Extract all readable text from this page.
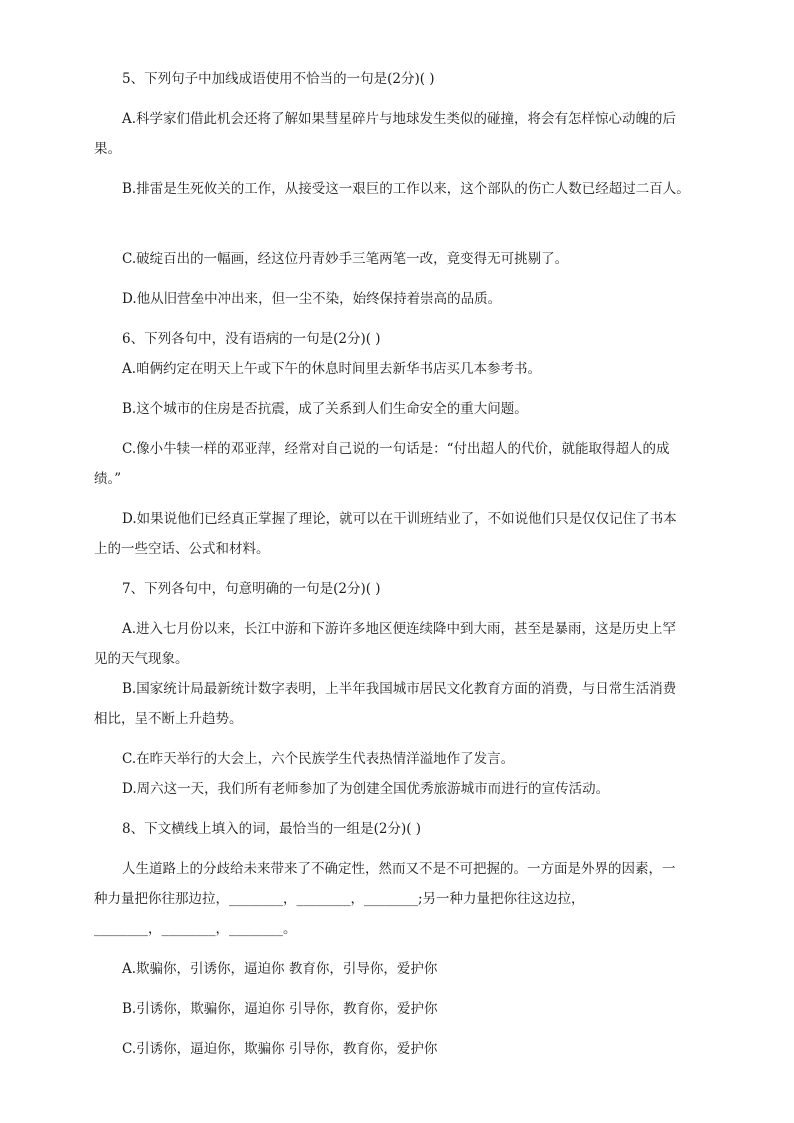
5、下列句子中加线成语使用不恰当的一句是(2分)( )
A.科学家们借此机会还将了解如果彗星碎片与地球发生类似的碰撞，将会有怎样惊心动魄的后
果。
B.排雷是生死攸关的工作，从接受这一艰巨的工作以来，这个部队的伤亡人数已经超过二百人。
C.破绽百出的一幅画，经这位丹青妙手三笔两笔一改，竟变得无可挑剔了。
D.他从旧营垒中冲出来，但一尘不染，始终保持着崇高的品质。
6、下列各句中，没有语病的一句是(2分)( )
A.咱俩约定在明天上午或下午的休息时间里去新华书店买几本参考书。
B.这个城市的住房是否抗震，成了关系到人们生命安全的重大问题。
C.像小牛犊一样的邓亚萍，经常对自己说的一句话是：“付出超人的代价，就能取得超人的成
绩。”
D.如果说他们已经真正掌握了理论，就可以在干训班结业了，不如说他们只是仅仅记住了书本
上的一些空话、公式和材料。
7、下列各句中，句意明确的一句是(2分)( )
A.进入七月份以来，长江中游和下游许多地区便连续降中到大雨，甚至是暴雨，这是历史上罕
见的天气现象。
B.国家统计局最新统计数字表明，上半年我国城市居民文化教育方面的消费，与日常生活消费
相比，呈不断上升趋势。
C.在昨天举行的大会上，六个民族学生代表热情洋溢地作了发言。
D.周六这一天，我们所有老师参加了为创建全国优秀旅游城市而进行的宣传活动。
8、下文横线上填入的词，最恰当的一组是(2分)( )
人生道路上的分歧给未来带来了不确定性，然而又不是不可把握的。一方面是外界的因素，一
种力量把你往那边拉，________，________，________;另一种力量把你往这边拉，
________，________，________。
A.欺骗你，引诱你，逼迫你 教育你，引导你，爱护你
B.引诱你，欺骗你，逼迫你 引导你，教育你，爱护你
C.引诱你，逼迫你，欺骗你 引导你，教育你，爱护你
